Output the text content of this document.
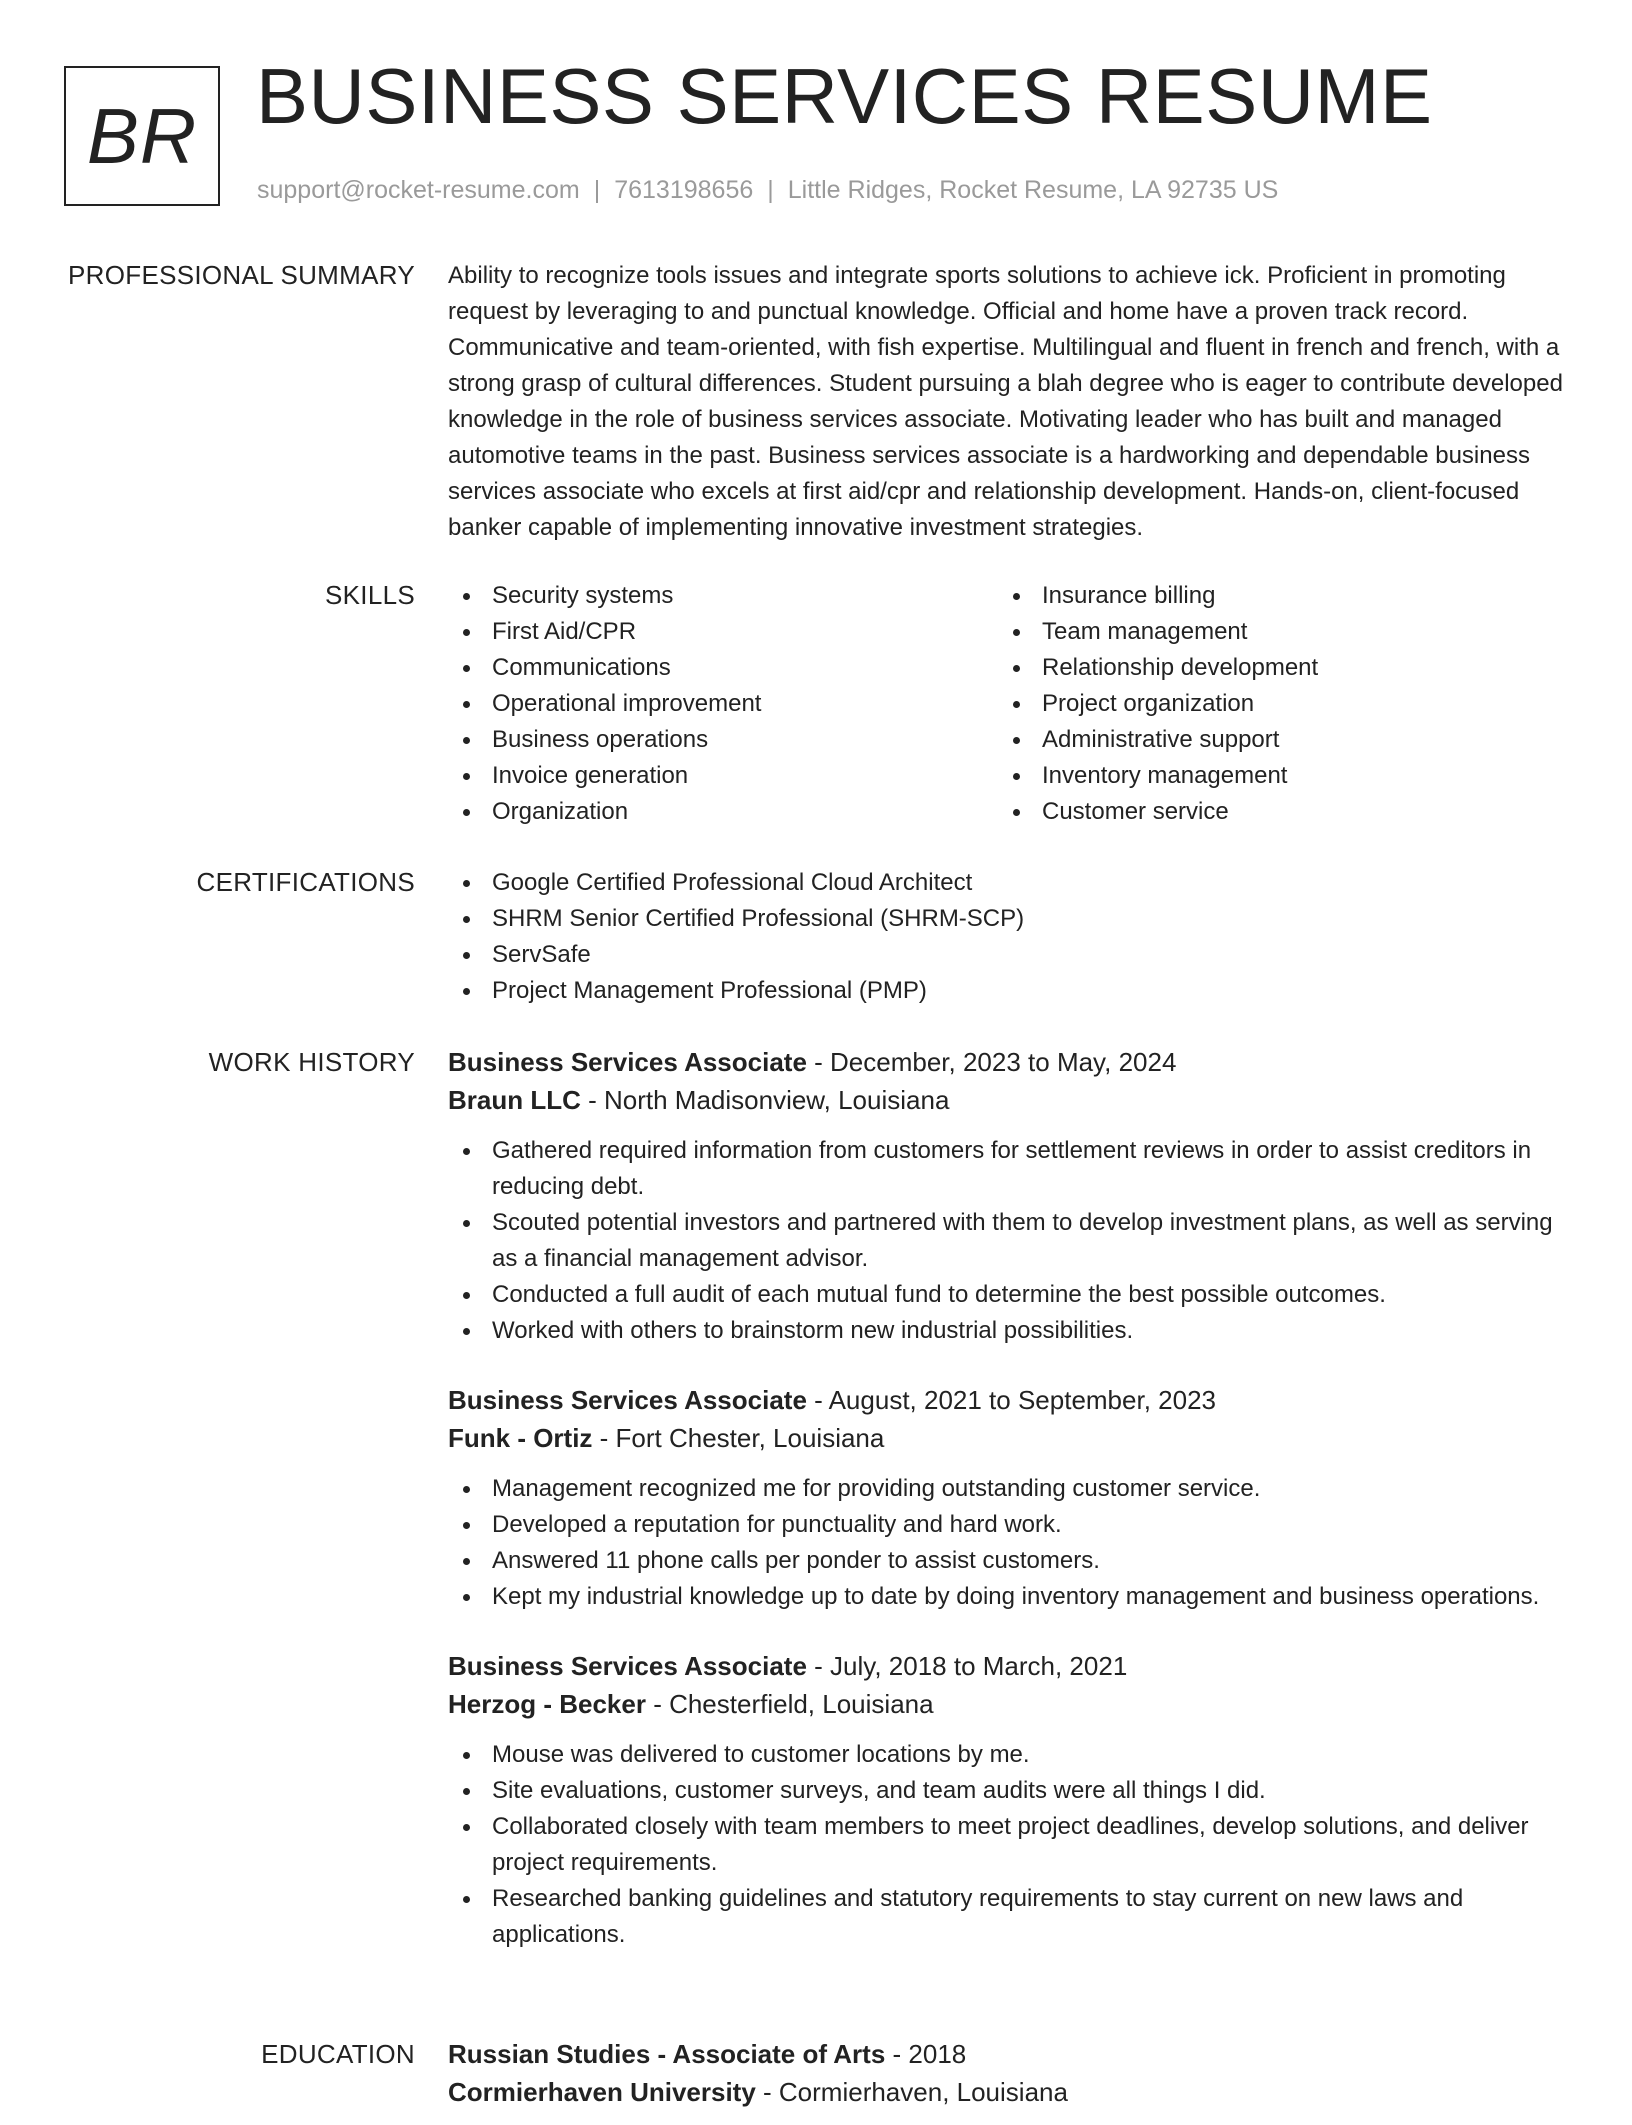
BR BUSINESS SERVICES RESUME
support@rocket-resume.com | 7613198656 | Little Ridges, Rocket Resume, LA 92735 US
PROFESSIONAL SUMMARY Ability to recognize tools issues and integrate sports solutions to achieve ick. Proficient in promoting request by leveraging to and punctual knowledge. Official and home have a proven track record. Communicative and team-oriented, with fish expertise. Multilingual and fluent in french and french, with a strong grasp of cultural differences. Student pursuing a blah degree who is eager to contribute developed knowledge in the role of business services associate. Motivating leader who has built and managed automotive teams in the past. Business services associate is a hardworking and dependable business services associate who excels at first aid/cpr and relationship development. Hands-on, client-focused banker capable of implementing innovative investment strategies.
SKILLS	Security systems
First Aid/CPR
Communications
Operational improvement
Business operations
Invoice generation
Organization
Insurance billing
Team management
Relationship development
Project organization
Administrative support
Inventory management
Customer service
CERTIFICATIONS	Google Certified Professional Cloud Architect
SHRM Senior Certified Professional (SHRM-SCP)
ServSafe
Project Management Professional (PMP)
WORK HISTORY Business Services Associate - December, 2023 to May, 2024
Braun LLC - North Madisonview, Louisiana
Gathered required information from customers for settlement reviews in order to assist creditors in reducing debt.
Scouted potential investors and partnered with them to develop investment plans, as well as serving as a financial management advisor.
Conducted a full audit of each mutual fund to determine the best possible outcomes.
Worked with others to brainstorm new industrial possibilities.
Business Services Associate - August, 2021 to September, 2023
Funk - Ortiz - Fort Chester, Louisiana
Management recognized me for providing outstanding customer service.
Developed a reputation for punctuality and hard work.
Answered 11 phone calls per ponder to assist customers.
Kept my industrial knowledge up to date by doing inventory management and business operations.
Business Services Associate - July, 2018 to March, 2021
Herzog - Becker - Chesterfield, Louisiana
Mouse was delivered to customer locations by me.
Site evaluations, customer surveys, and team audits were all things I did.
Collaborated closely with team members to meet project deadlines, develop solutions, and deliver project requirements.
Researched banking guidelines and statutory requirements to stay current on new laws and applications.
EDUCATION Russian Studies - Associate of Arts - 2018
Cormierhaven University - Cormierhaven, Louisiana
